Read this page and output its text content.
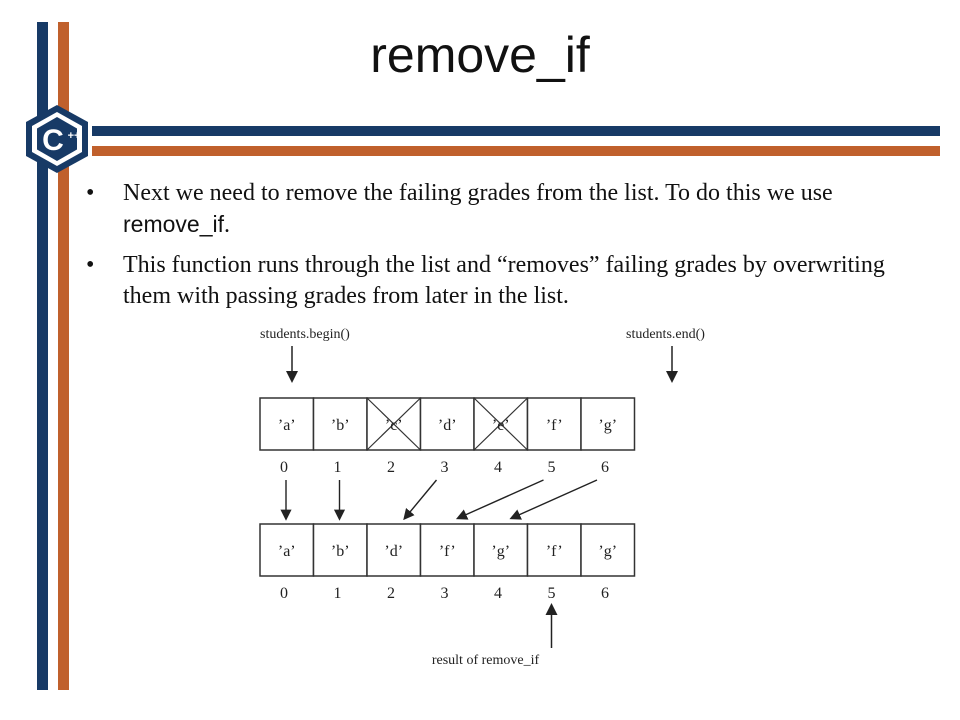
C ++
remove_if
• Next we need to remove the failing grades from the list. To do this we use remove_if.
• This function runs through the list and “removes” failing grades by overwriting them with passing grades from later in the list.
students.begin()	students.end()
’a’ ’b’ ’c’ ’d’ ’e’ ’f’ ’g’
0	1	2	3	4	5	6
’a’ ’b’ ’d’ ’f’ ’g’ ’f’ ’g’
0	1	2	3	4	5	6
result of remove_if
